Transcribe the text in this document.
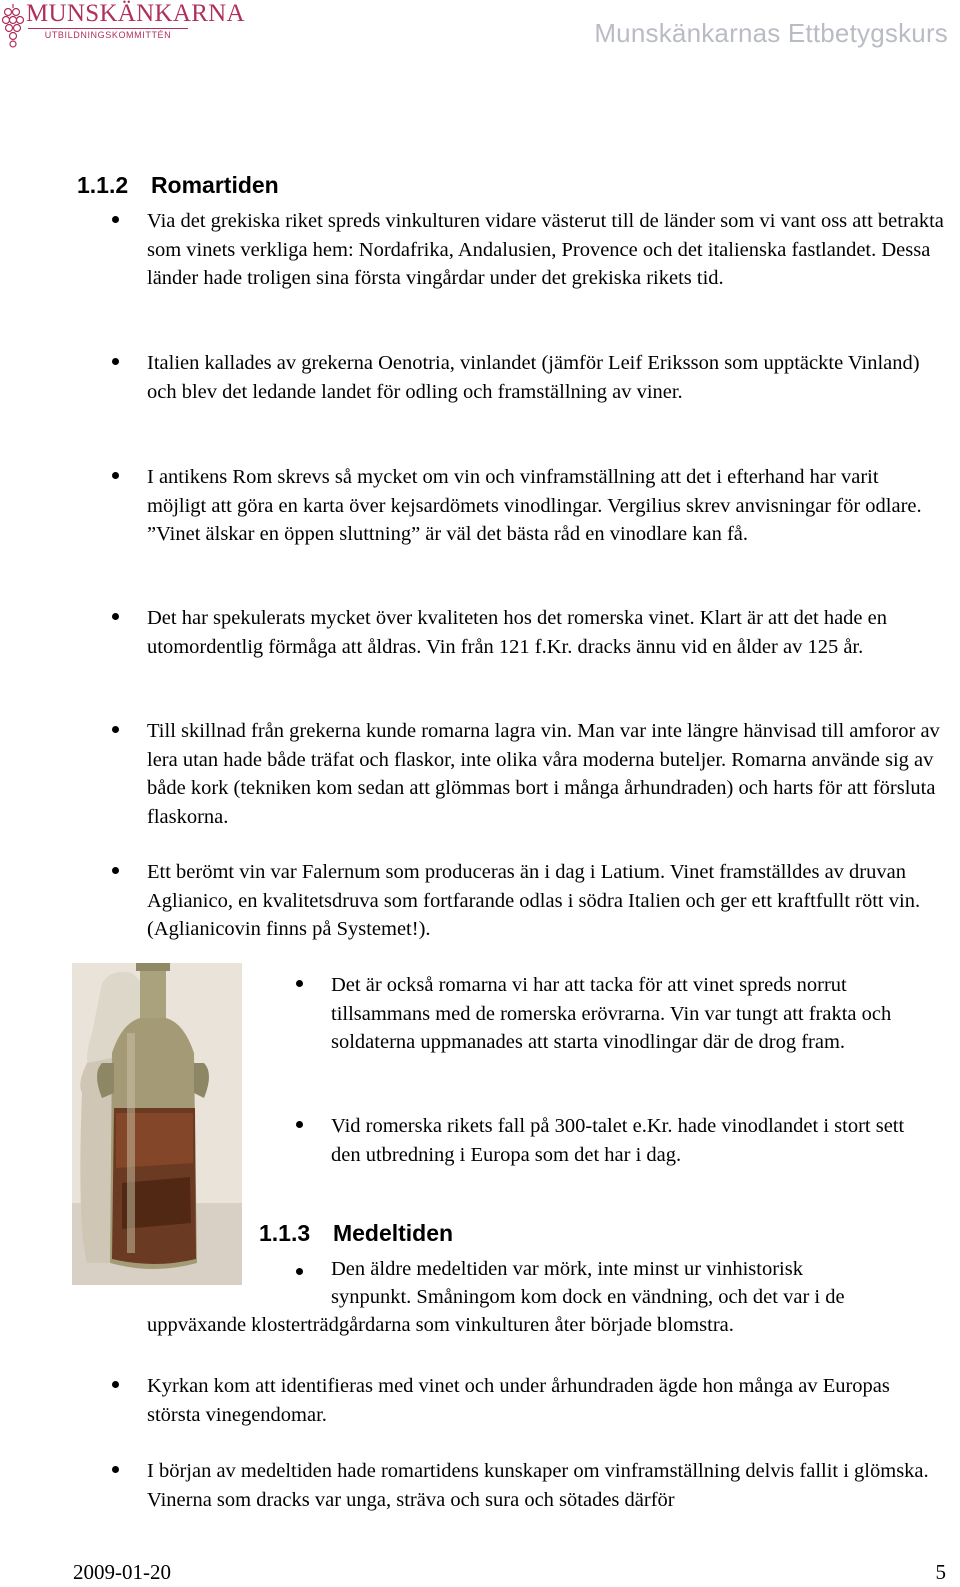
MUNSKÄNKARNA
UTBILDNINGSKOMMITTÉN	Munskänkarnas Ettbetygskurs
1.1.2 Romartiden
Via det grekiska riket spreds vinkulturen vidare västerut till de länder som vi vant oss att betrakta som vinets verkliga hem: Nordafrika, Andalusien, Provence och det italienska fastlandet. Dessa länder hade troligen sina första vingårdar under det grekiska rikets tid.
Italien kallades av grekerna Oenotria, vinlandet (jämför Leif Eriksson som upptäckte Vinland) och blev det ledande landet för odling och framställning av viner.
I antikens Rom skrevs så mycket om vin och vinframställning att det i efterhand har varit möjligt att göra en karta över kejsardömets vinodlingar. Vergilius skrev anvisningar för odlare. ”Vinet älskar en öppen sluttning” är väl det bästa råd en vinodlare kan få.
Det har spekulerats mycket över kvaliteten hos det romerska vinet. Klart är att det hade en utomordentlig förmåga att åldras. Vin från 121 f.Kr. dracks ännu vid en ålder av 125 år.
Till skillnad från grekerna kunde romarna lagra vin. Man var inte längre hänvisad till amforor av lera utan hade både träfat och flaskor, inte olika våra moderna buteljer. Romarna använde sig av både kork (tekniken kom sedan att glömmas bort i många århundraden) och harts för att försluta flaskorna.
Ett berömt vin var Falernum som produceras än i dag i Latium. Vinet framställdes av druvan Aglianico, en kvalitetsdruva som fortfarande odlas i södra Italien och ger ett kraftfullt rött vin. (Aglianicovin finns på Systemet!).
Det är också romarna vi har att tacka för att vinet spreds norrut tillsammans med de romerska erövrarna. Vin var tungt att frakta och soldaterna uppmanades att starta vinodlingar där de drog fram.
Vid romerska rikets fall på 300-talet e.Kr. hade vinodlandet i stort sett den utbredning i Europa som det har i dag.
1.1.3 Medeltiden
Den äldre medeltiden var mörk, inte minst ur vinhistorisk
synpunkt. Småningom kom dock en vändning, och det var i de
uppväxande klosterträdgårdarna som vinkulturen åter började blomstra.
Kyrkan kom att identifieras med vinet och under århundraden ägde hon många av Europas största vinegendomar.
I början av medeltiden hade romartidens kunskaper om vinframställning delvis fallit i glömska. Vinerna som dracks var unga, sträva och sura och sötades därför
2009-01-20	5
